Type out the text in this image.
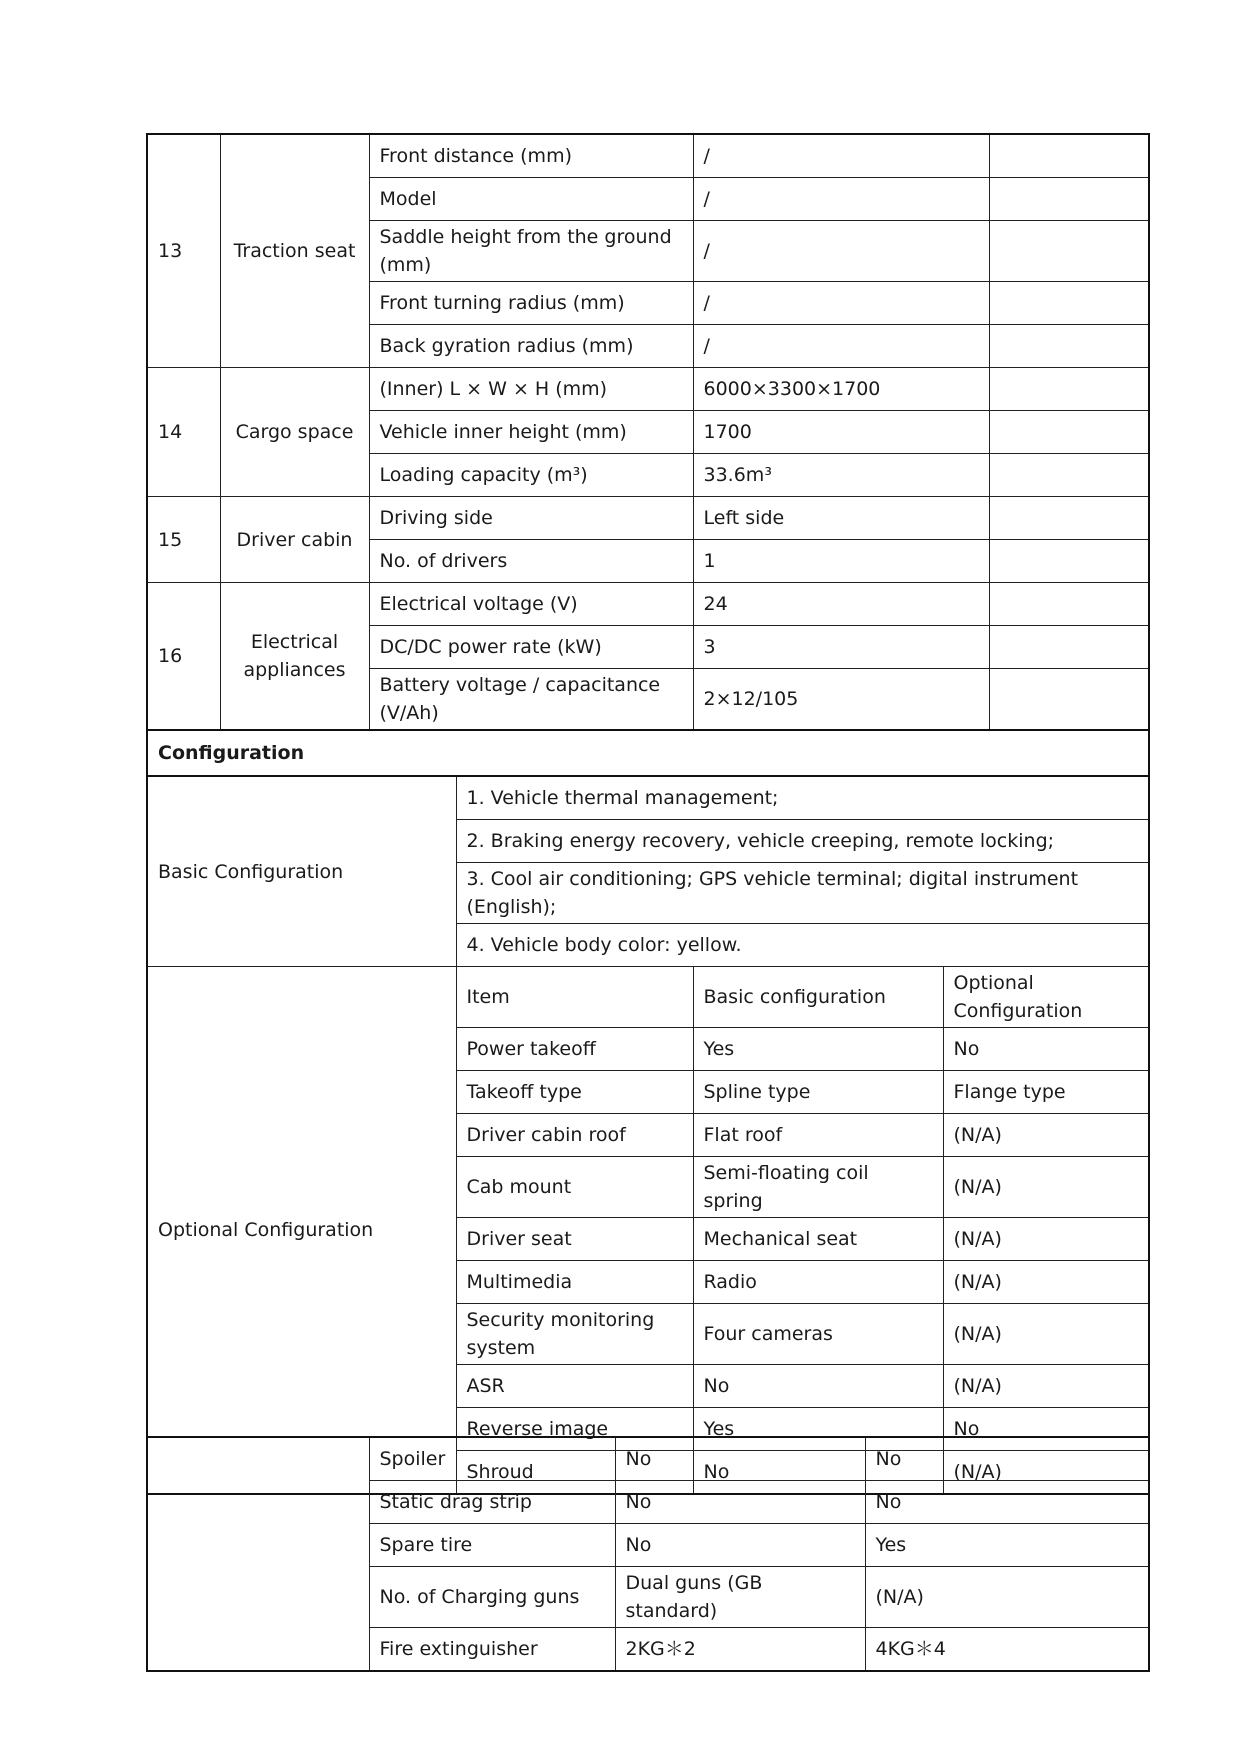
13	Traction seat	Front distance (mm)		/		
		Model		/		
		Saddle height from the ground (mm)		/		
		Front turning radius (mm)		/		
		Back gyration radius (mm)		/		
14	Cargo space	(Inner) L × W × H (mm)		6000×3300×1700		
		Vehicle inner height (mm)		1700		
		Loading capacity (m³)		33.6m³		
15	Driver cabin	Driving side		Left side		
		No. of drivers		1		
16	Electrical appliances	Electrical voltage (V)		24		
		DC/DC power rate (kW)		3		
		Battery voltage / capacitance (V/Ah)		2×12/105		
Configuration						
Basic Configuration			1. Vehicle thermal management;			
			2. Braking energy recovery, vehicle creeping, remote locking;			
			3. Cool air conditioning; GPS vehicle terminal; digital instrument (English);			
			4. Vehicle body color: yellow.			
Optional Configuration			Item	Basic configuration	Optional Configuration	
			Power takeoff	Yes	No	
			Takeoff type	Spline type	Flange type	
			Driver cabin roof	Flat roof	(N/A)	
			Cab mount	Semi-floating coil spring	(N/A)	
			Driver seat	Mechanical seat	(N/A)	
			Multimedia	Radio	(N/A)	
			Security monitoring system	Four cameras	(N/A)	
			ASR	No	(N/A)	
			Reverse image	Yes	No	
			Shroud	No	(N/A)	
	Spoiler	No	No
	Static drag strip	No	No
	Spare tire	No	Yes
	No. of Charging guns	Dual guns (GB standard)	(N/A)
	Fire extinguisher	2KG＊2	4KG＊4
